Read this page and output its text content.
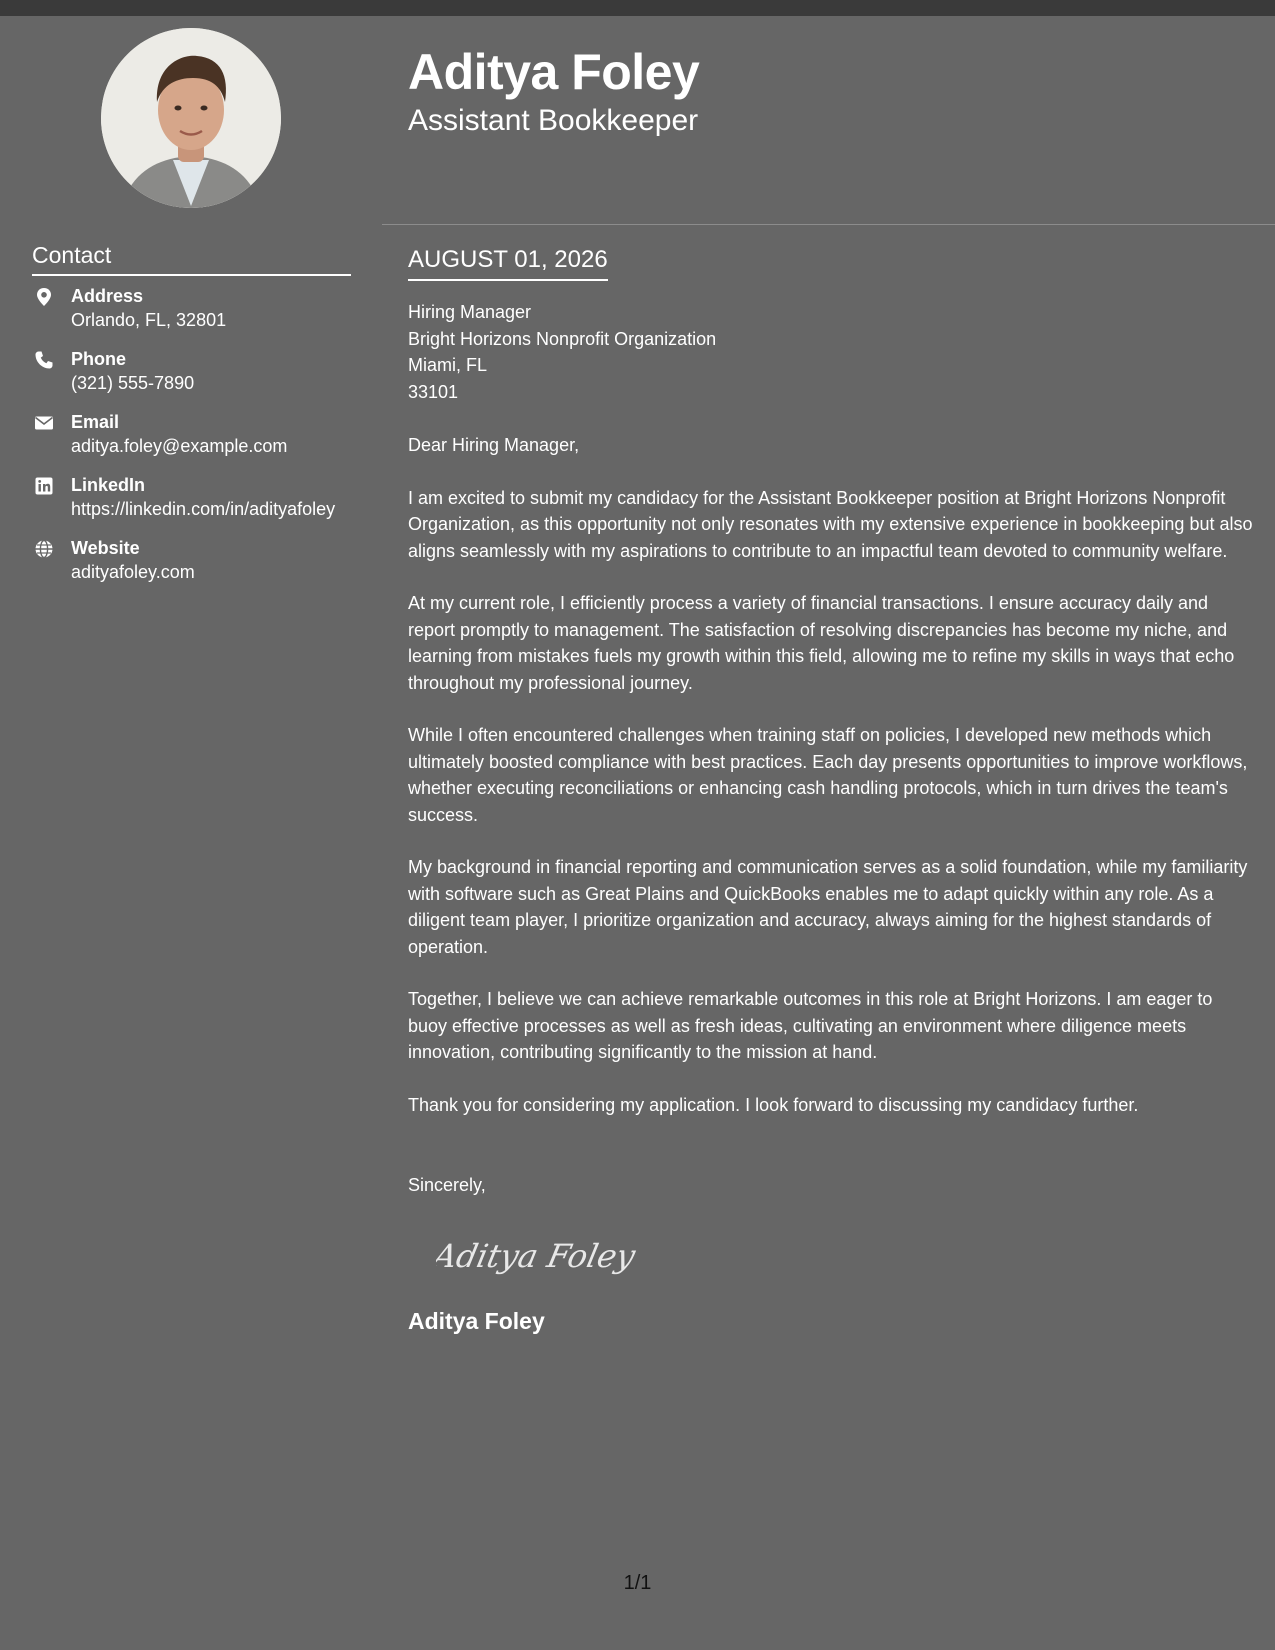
Contact
Address
Orlando, FL, 32801
Phone
(321) 555-7890
Email
aditya.foley@example.com
LinkedIn
https://linkedin.com/in/adityafoley
Website
adityafoley.com
Aditya Foley
Assistant Bookkeeper
AUGUST 01, 2026
Hiring Manager
Bright Horizons Nonprofit Organization
Miami, FL
33101

Dear Hiring Manager,

I am excited to submit my candidacy for the Assistant Bookkeeper position at Bright Horizons Nonprofit Organization, as this opportunity not only resonates with my extensive experience in bookkeeping but also aligns seamlessly with my aspirations to contribute to an impactful team devoted to community welfare.

At my current role, I efficiently process a variety of financial transactions. I ensure accuracy daily and report promptly to management. The satisfaction of resolving discrepancies has become my niche, and learning from mistakes fuels my growth within this field, allowing me to refine my skills in ways that echo throughout my professional journey.

While I often encountered challenges when training staff on policies, I developed new methods which ultimately boosted compliance with best practices. Each day presents opportunities to improve workflows, whether executing reconciliations or enhancing cash handling protocols, which in turn drives the team's success.

My background in financial reporting and communication serves as a solid foundation, while my familiarity with software such as Great Plains and QuickBooks enables me to adapt quickly within any role. As a diligent team player, I prioritize organization and accuracy, always aiming for the highest standards of operation.

Together, I believe we can achieve remarkable outcomes in this role at Bright Horizons. I am eager to buoy effective processes as well as fresh ideas, cultivating an environment where diligence meets innovation, contributing significantly to the mission at hand.

Thank you for considering my application. I look forward to discussing my candidacy further.

Sincerely,
Aditya Foley
Aditya Foley
1/1
